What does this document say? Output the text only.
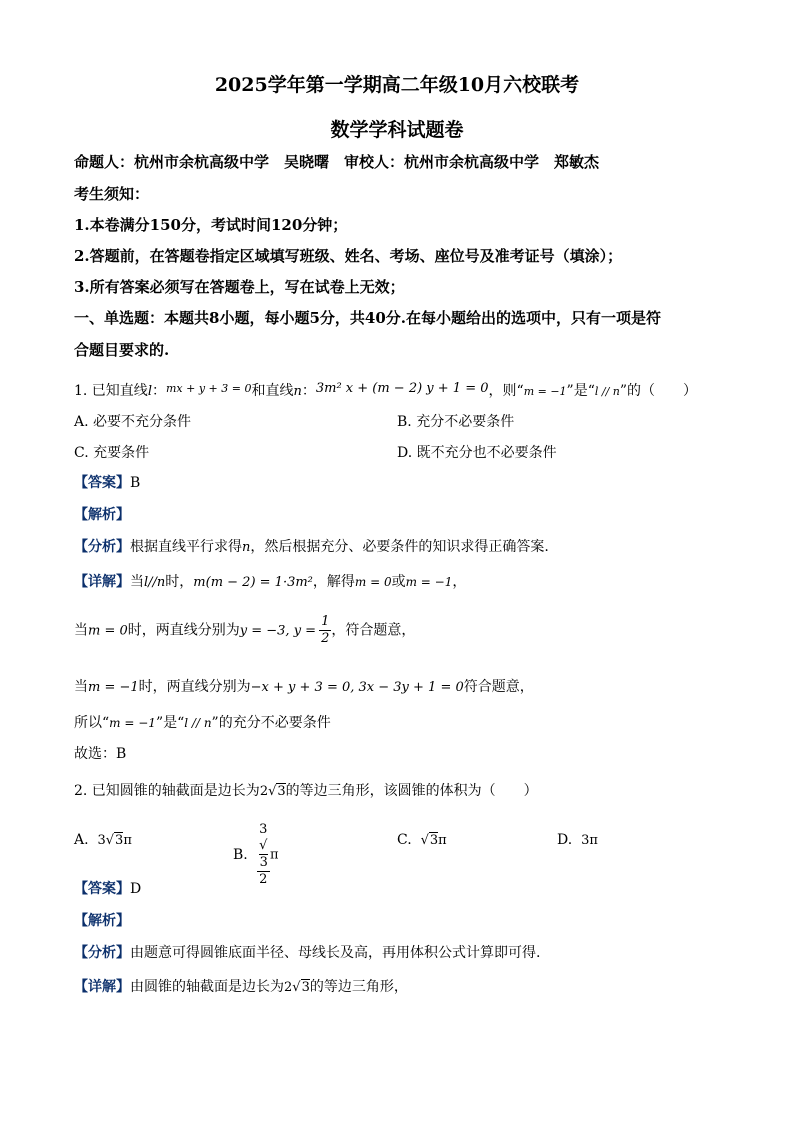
2025学年第一学期高二年级10月六校联考
数学学科试题卷
命题人：杭州市余杭高级中学　吴晓曙　审校人：杭州市余杭高级中学　郑敏杰
考生须知：
1.本卷满分150分，考试时间120分钟；
2.答题前，在答题卷指定区域填写班级、姓名、考场、座位号及准考证号（填涂）；
3.所有答案必须写在答题卷上，写在试卷上无效；
一、单选题：本题共8小题，每小题5分，共40分.在每小题给出的选项中，只有一项是符
合题目要求的.
1. 已知直线l：$^{mx + y + 3 = 0}$和直线n：3m² x + (m − 2) y + 1 = 0，则“m = −1”是“l // n”的（　　）
A. 必要不充分条件	B. 充分不必要条件
C. 充要条件	D. 既不充分也不必要条件
【答案】B
【解析】
【分析】根据直线平行求得n，然后根据充分、必要条件的知识求得正确答案.
【详解】当l//n时，m(m − 2) = 1·3m²，解得m = 0或m = −1，
当m = 0时，两直线分别为y = −3, $y = \frac{1}{2}$ ，符合题意，
当m = −1时，两直线分别为−x + y + 3 = 0, 3x − 3y + 1 = 0符合题意，
所以“m = −1”是“l // n”的充分不必要条件
故选：B
2. 已知圆锥的轴截面是边长为2√3的等边三角形，该圆锥的体积为（　　）
A. 3√3π
B. 3
√
3
2 π
C. √3π	D. 3π
【答案】D
【解析】
【分析】由题意可得圆锥底面半径、母线长及高，再用体积公式计算即可得.
【详解】由圆锥的轴截面是边长为2√3的等边三角形，
